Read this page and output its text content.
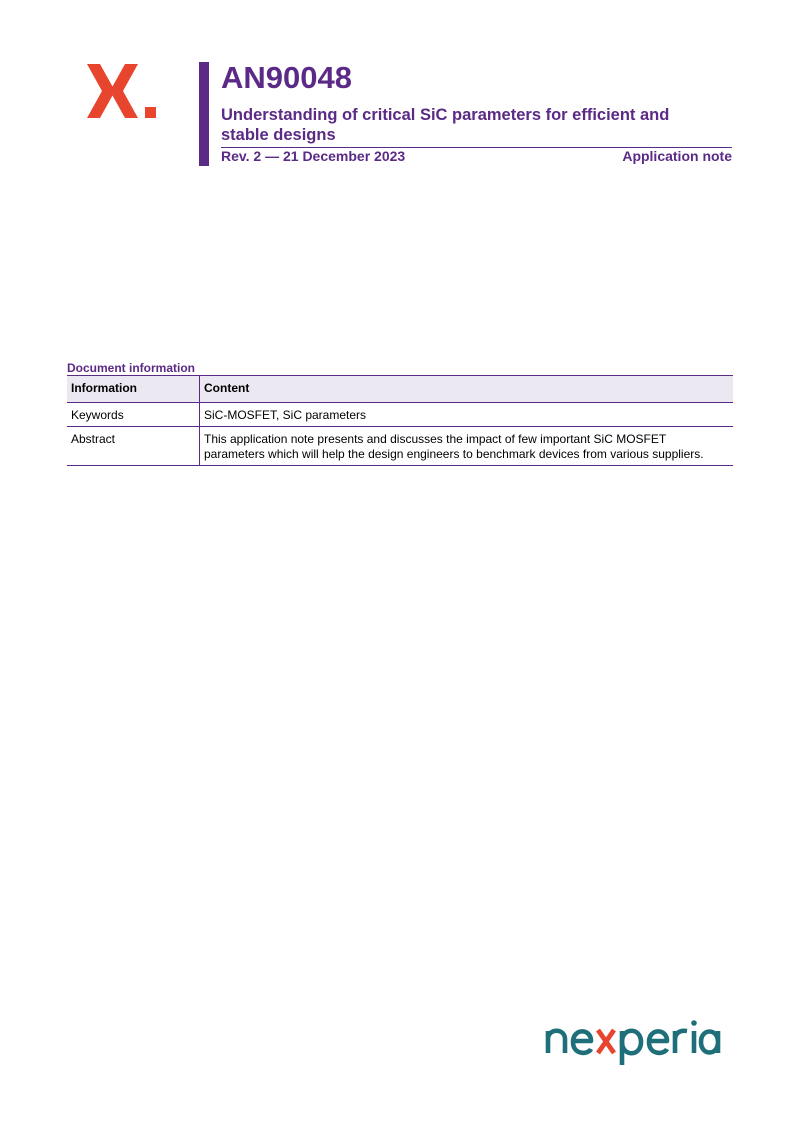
AN90048
Understanding of critical SiC parameters for efficient and stable designs
Rev. 2 — 21 December 2023	Application note
Document information
Information	Content
Keywords	SiC-MOSFET, SiC parameters
Abstract	This application note presents and discusses the impact of few important SiC MOSFET parameters which will help the design engineers to benchmark devices from various suppliers.
